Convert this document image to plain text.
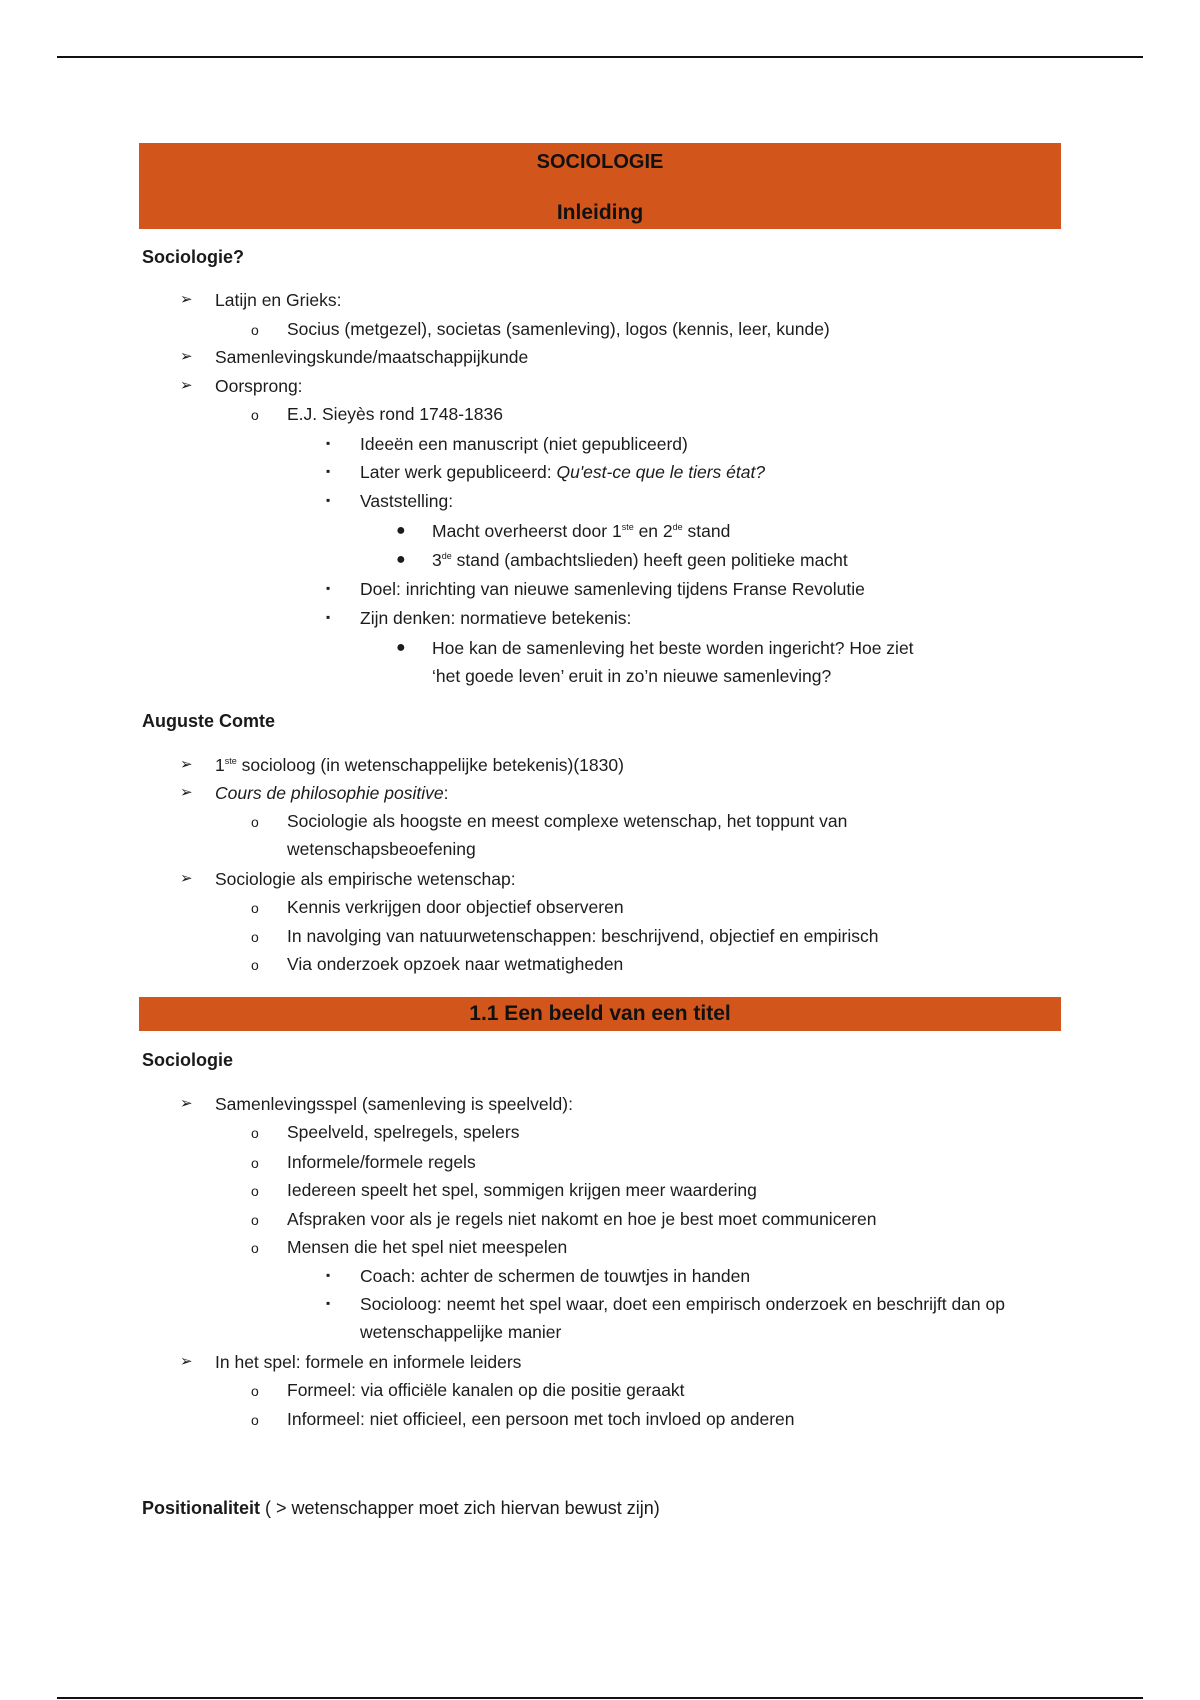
SOCIOLOGIE
Inleiding
Sociologie?
➢ Latijn en Grieks:
o Socius (metgezel), societas (samenleving), logos (kennis, leer, kunde)
➢ Samenlevingskunde/maatschappijkunde
➢ Oorsprong:
o E.J. Sieyès rond 1748-1836
▪ Ideeën een manuscript (niet gepubliceerd)
▪ Later werk gepubliceerd: Qu'est-ce que le tiers état?
▪ Vaststelling:
● Macht overheerst door 1ste en 2de stand
● 3de stand (ambachtslieden) heeft geen politieke macht
▪ Doel: inrichting van nieuwe samenleving tijdens Franse Revolutie
▪ Zijn denken: normatieve betekenis:
● Hoe kan de samenleving het beste worden ingericht? Hoe ziet ‘het goede leven’ eruit in zo’n nieuwe samenleving?
Auguste Comte
➢ 1ste socioloog (in wetenschappelijke betekenis)(1830)
➢ Cours de philosophie positive:
o Sociologie als hoogste en meest complexe wetenschap, het toppunt van wetenschapsbeoefening
➢ Sociologie als empirische wetenschap:
o Kennis verkrijgen door objectief observeren
o In navolging van natuurwetenschappen: beschrijvend, objectief en empirisch
o Via onderzoek opzoek naar wetmatigheden
1.1 Een beeld van een titel
Sociologie
➢ Samenlevingsspel (samenleving is speelveld):
o Speelveld, spelregels, spelers
o Informele/formele regels
o Iedereen speelt het spel, sommigen krijgen meer waardering
o Afspraken voor als je regels niet nakomt en hoe je best moet communiceren
o Mensen die het spel niet meespelen
▪ Coach: achter de schermen de touwtjes in handen
▪ Socioloog: neemt het spel waar, doet een empirisch onderzoek en beschrijft dan op wetenschappelijke manier
➢ In het spel: formele en informele leiders
o Formeel: via officiële kanalen op die positie geraakt
o Informeel: niet officieel, een persoon met toch invloed op anderen
Positionaliteit ( > wetenschapper moet zich hiervan bewust zijn)
